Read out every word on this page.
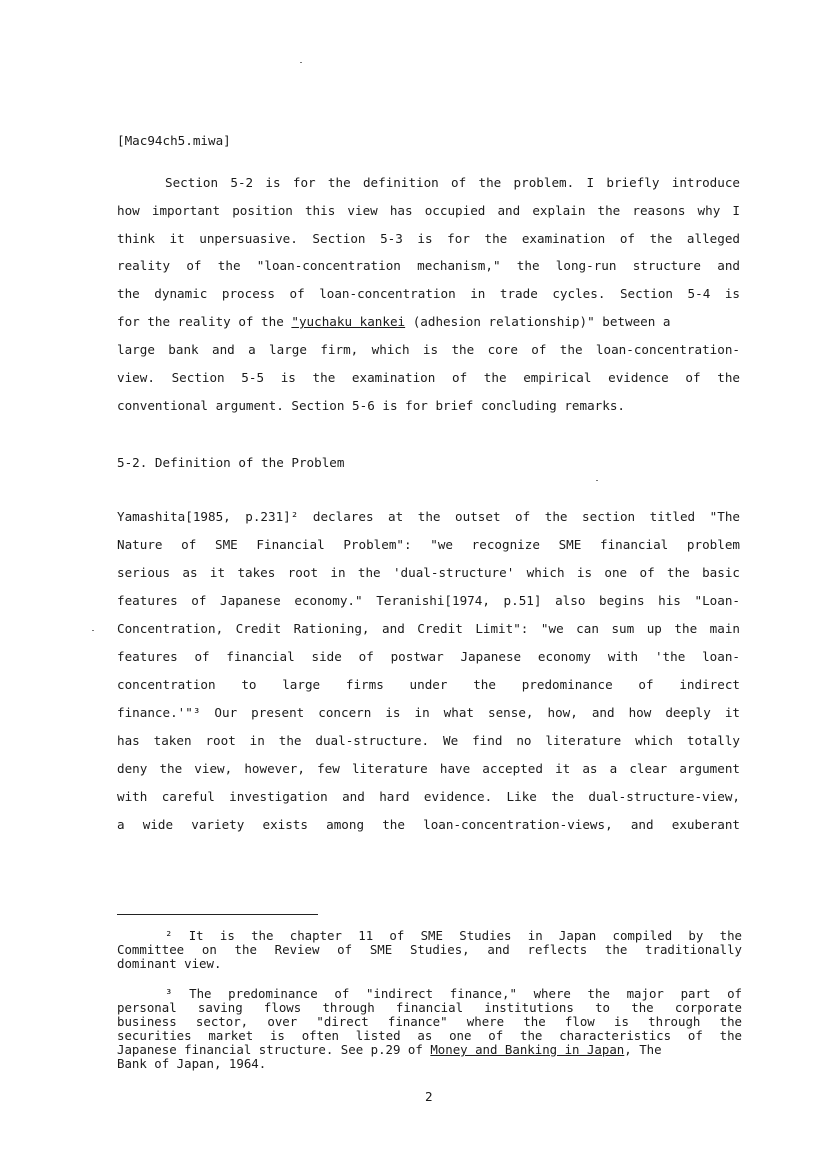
[Mac94ch5.miwa]
Section 5-2 is for the definition of the problem. I briefly introduce
how important position this view has occupied and explain the reasons why I
think it unpersuasive. Section 5-3 is for the examination of the alleged
reality of the "loan-concentration mechanism," the long-run structure and
the dynamic process of loan-concentration in trade cycles. Section 5-4 is
for the reality of the "yuchaku kankei (adhesion relationship)" between a
large bank and a large firm, which is the core of the loan-concentration-
view. Section 5-5 is the examination of the empirical evidence of the
conventional argument. Section 5-6 is for brief concluding remarks.
5-2. Definition of the Problem
Yamashita[1985, p.231]² declares at the outset of the section titled "The
Nature of SME Financial Problem": "we recognize SME financial problem
serious as it takes root in the 'dual-structure' which is one of the basic
features of Japanese economy." Teranishi[1974, p.51] also begins his "Loan-
Concentration, Credit Rationing, and Credit Limit": "we can sum up the main
features of financial side of postwar Japanese economy with 'the loan-
concentration to large firms under the predominance of indirect
finance.'"³ Our present concern is in what sense, how, and how deeply it
has taken root in the dual-structure. We find no literature which totally
deny the view, however, few literature have accepted it as a clear argument
with careful investigation and hard evidence. Like the dual-structure-view,
a wide variety exists among the loan-concentration-views, and exuberant
² It is the chapter 11 of SME Studies in Japan compiled by the
Committee on the Review of SME Studies, and reflects the traditionally
dominant view.
³ The predominance of "indirect finance," where the major part of
personal saving flows through financial institutions to the corporate
business sector, over "direct finance" where the flow is through the
securities market is often listed as one of the characteristics of the
Japanese financial structure. See p.29 of Money and Banking in Japan, The
Bank of Japan, 1964.
2
